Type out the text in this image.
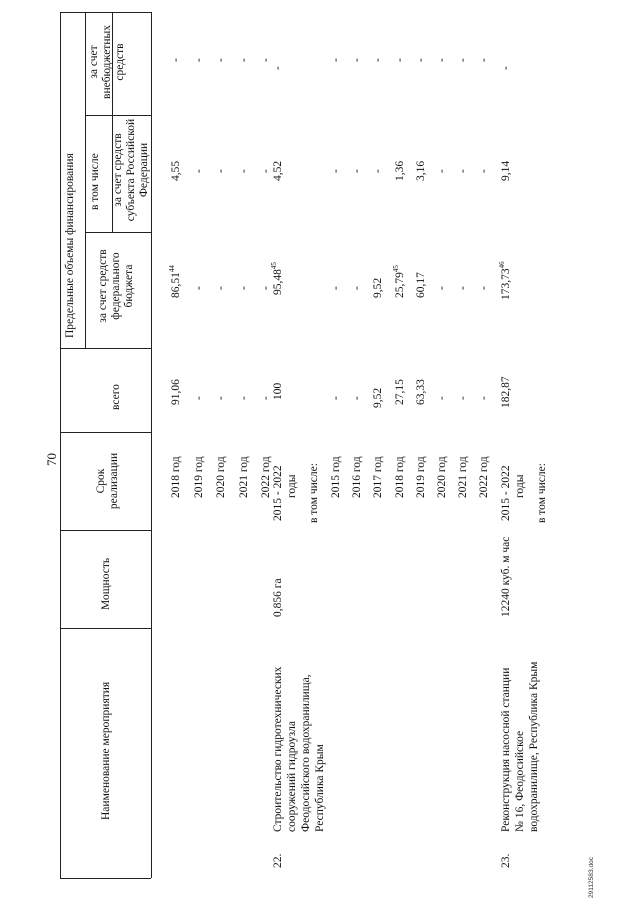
70
Наименование мероприятия
Мощность
Срок реализации
всего
Предельные объемы финансирования в том числе
за счет средств федерального бюджета
за счет средств субъекта Российской Федерации
за счет внебюджетных средств
2018 год
91,06
86,51$^{44}$
4,55
-
2019 год
-
-
-
-
2020 год
-
-
-
-
2021 год
-
-
-
-
2022 год
-
-
-
-
22.
Строительство гидротехнических сооружений гидроузла Феодосийского водохранилища, Республика Крым
0,856 га
2015 - 2022 годы
100
95,48$^{45}$
4,52
-
в том числе: 2015 год
-
-
-
-
2016 год
-
-
-
-
2017 год
9,52
9,52
-
-
2018 год
27,15
25,79$^{45}$
1,36
-
2019 год
63,33
60,17
3,16
-
2020 год
-
-
-
-
2021 год
-
-
-
-
2022 год
-
-
-
-
23.
Реконструкция насосной станции № 16, Феодосийское водохранилище, Республика Крым
12240 куб. м час
2015 - 2022 годы
182,87
173,73$^{46}$
9,14
-
в том числе:
2911258З.doc
